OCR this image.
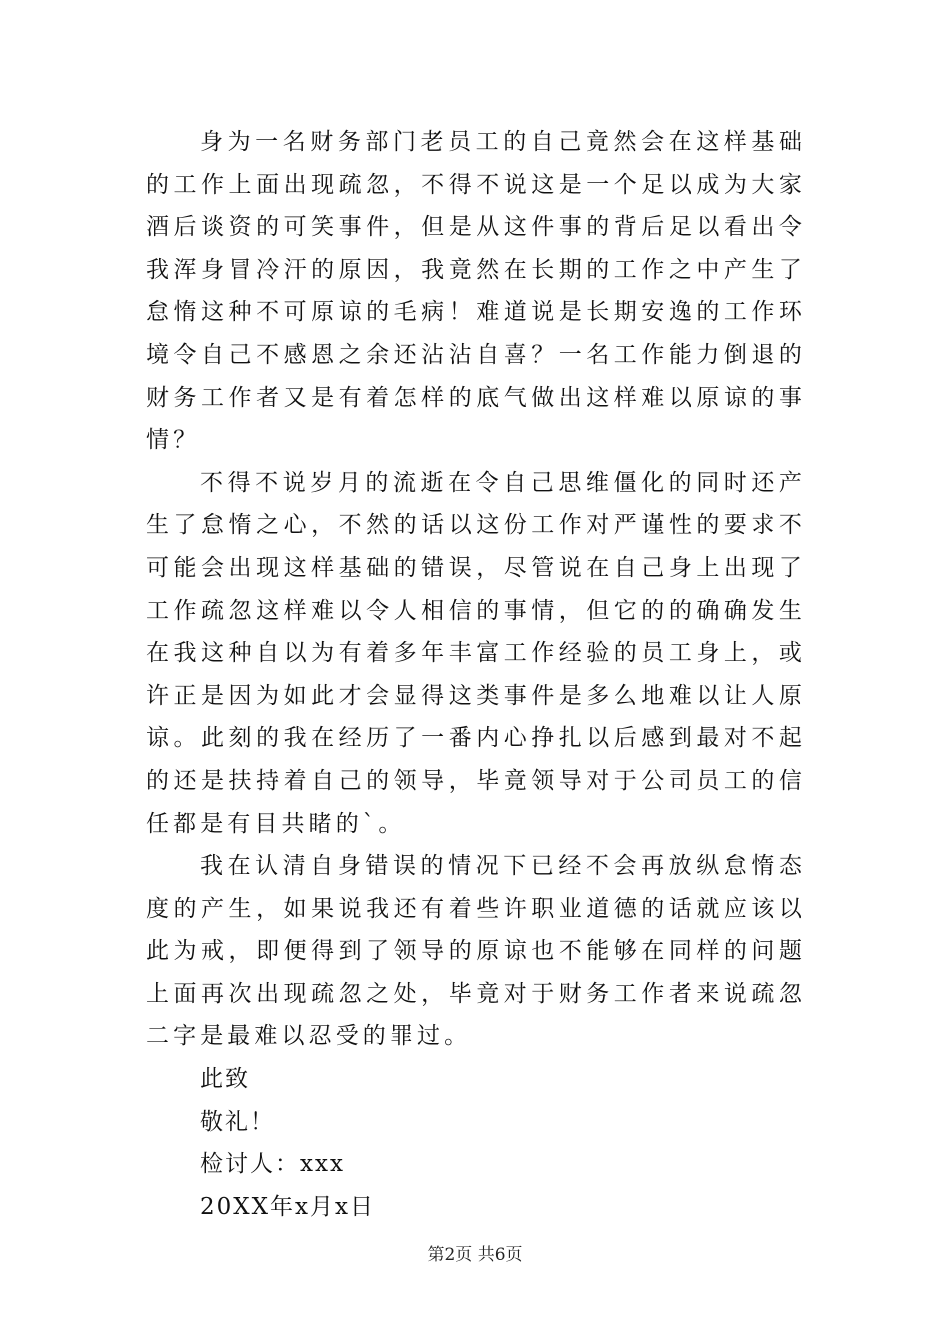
身为一名财务部门老员工的自己竟然会在这样基础的工作上面出现疏忽，不得不说这是一个足以成为大家酒后谈资的可笑事件，但是从这件事的背后足以看出令我浑身冒冷汗的原因，我竟然在长期的工作之中产生了怠惰这种不可原谅的毛病！难道说是长期安逸的工作环境令自己不感恩之余还沾沾自喜？一名工作能力倒退的财务工作者又是有着怎样的底气做出这样难以原谅的事情？

不得不说岁月的流逝在令自己思维僵化的同时还产生了怠惰之心，不然的话以这份工作对严谨性的要求不可能会出现这样基础的错误，尽管说在自己身上出现了工作疏忽这样难以令人相信的事情，但它的的确确发生在我这种自以为有着多年丰富工作经验的员工身上，或许正是因为如此才会显得这类事件是多么地难以让人原谅。此刻的我在经历了一番内心挣扎以后感到最对不起的还是扶持着自己的领导，毕竟领导对于公司员工的信任都是有目共睹的`。

我在认清自身错误的情况下已经不会再放纵怠惰态度的产生，如果说我还有着些许职业道德的话就应该以此为戒，即便得到了领导的原谅也不能够在同样的问题上面再次出现疏忽之处，毕竟对于财务工作者来说疏忽二字是最难以忍受的罪过。

此致

敬礼！

检讨人：xxx

20XX年x月x日

第2页 共6页
